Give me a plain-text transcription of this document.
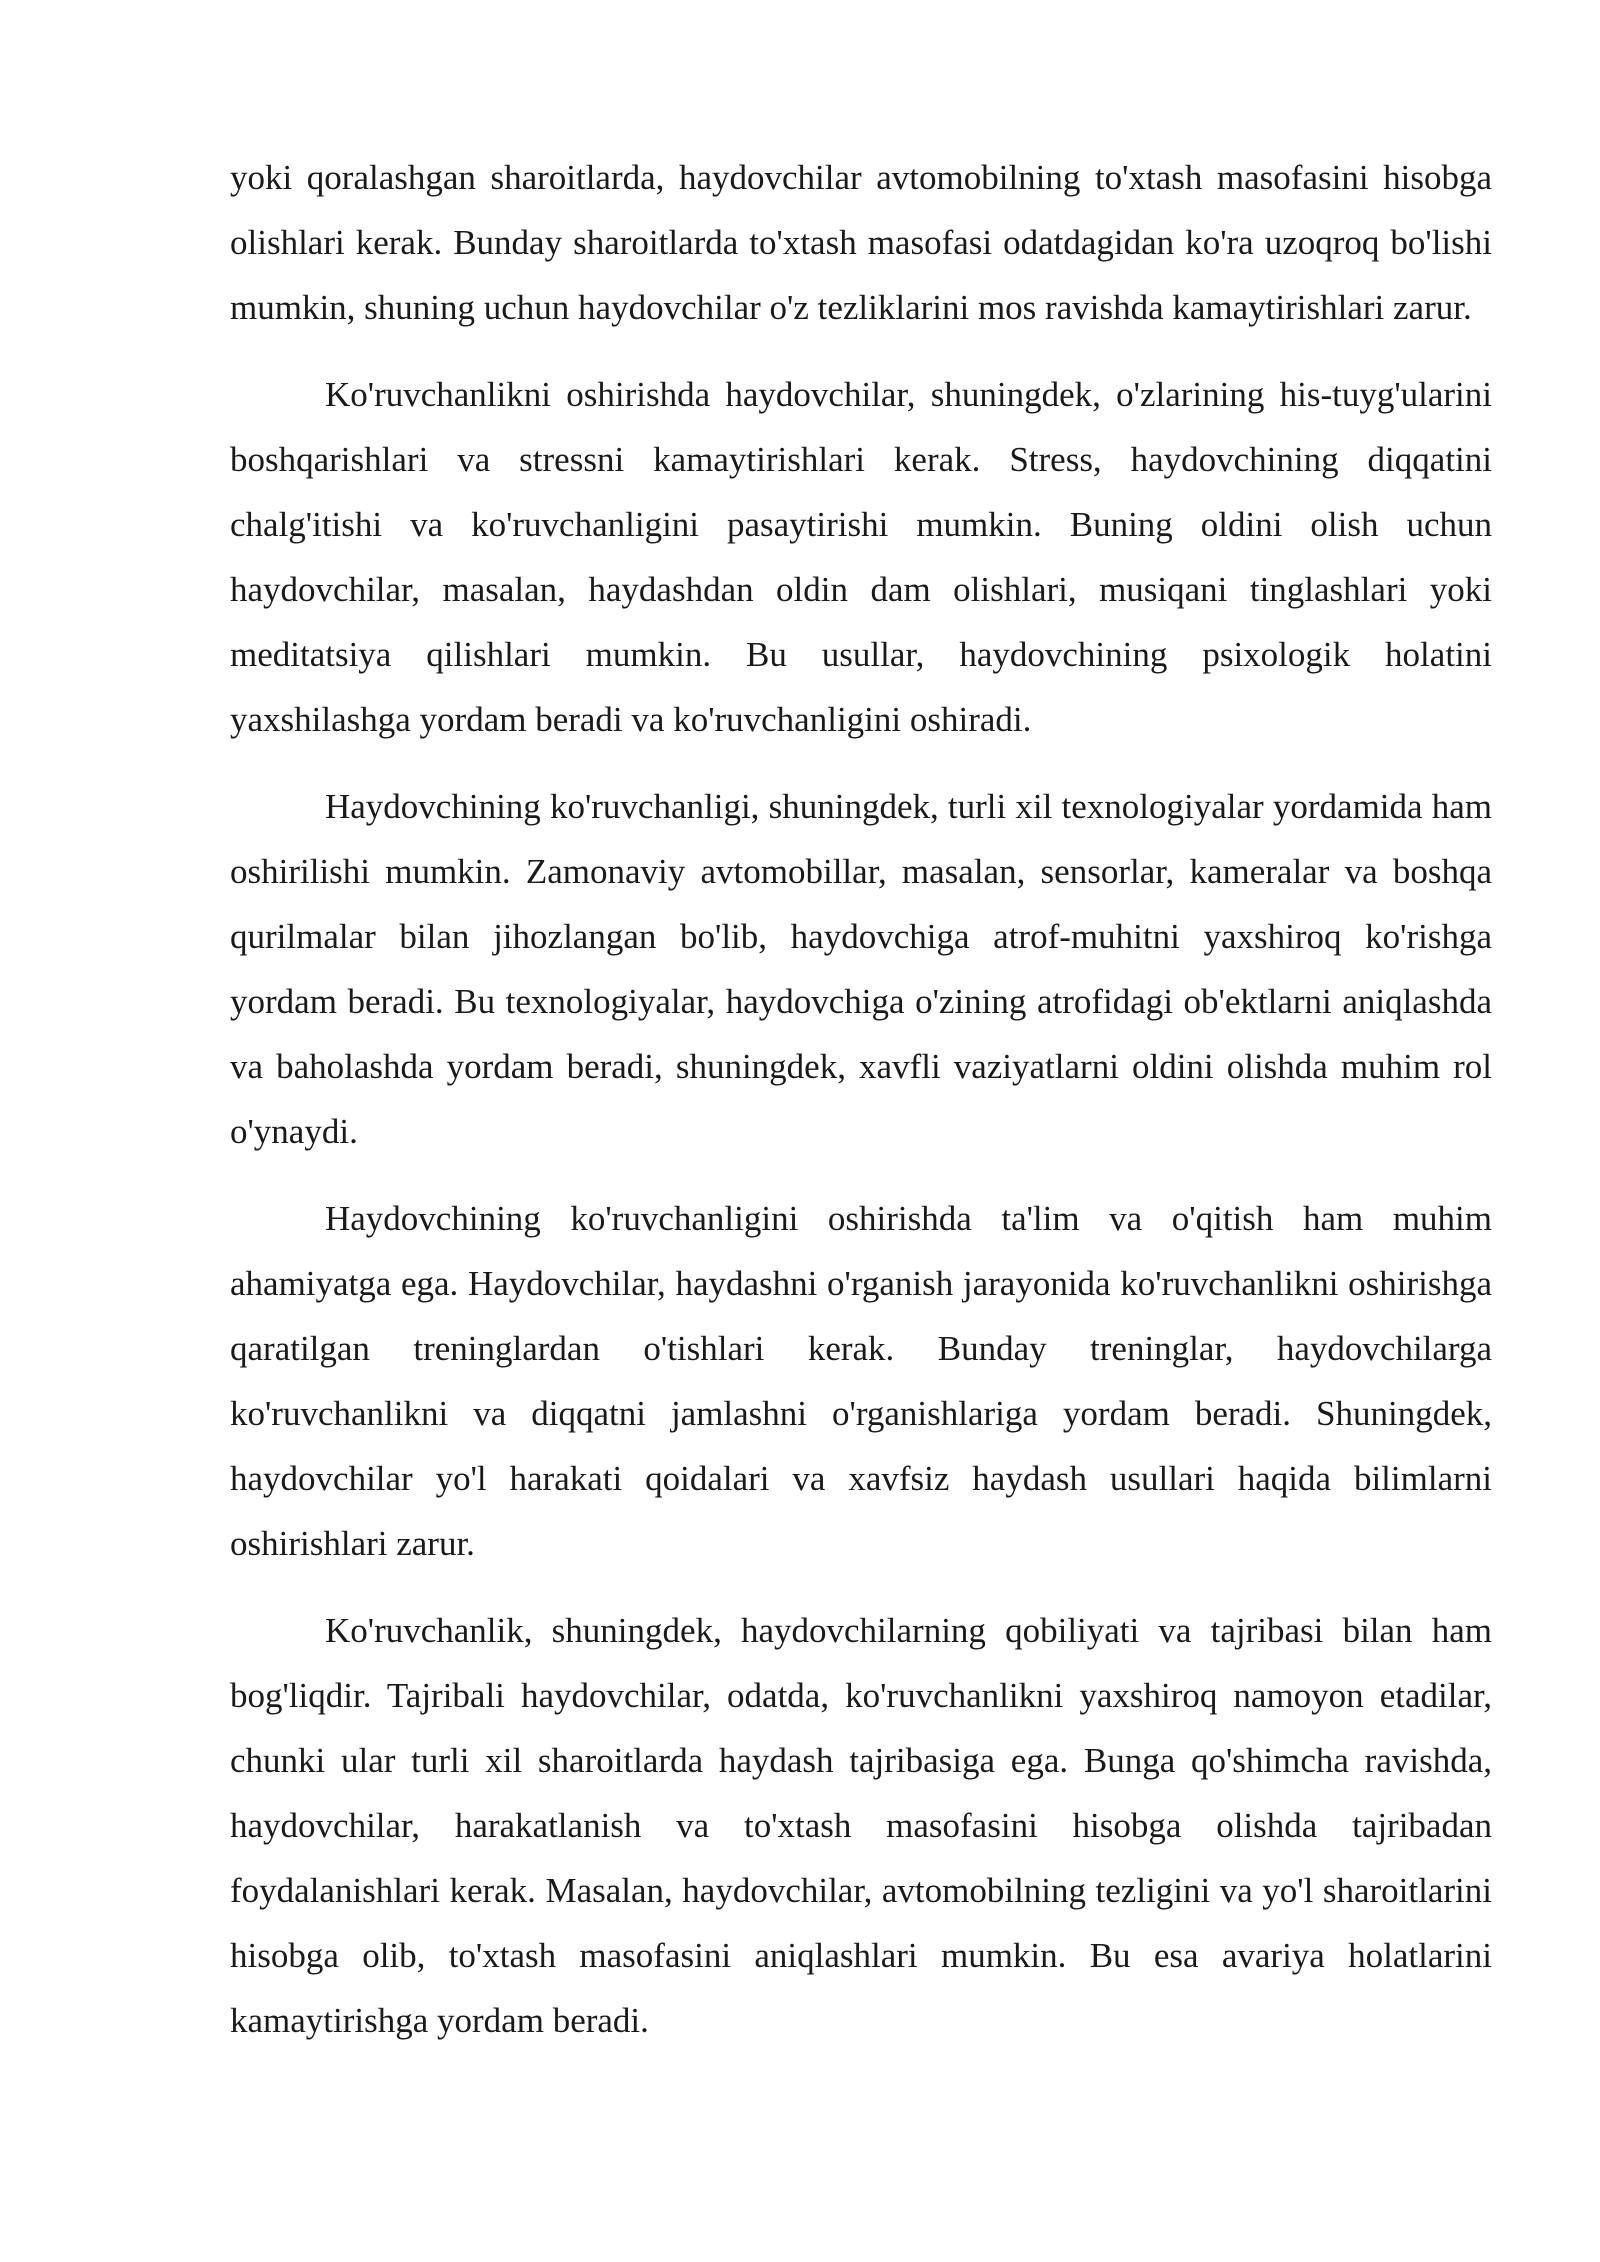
yoki qoralashgan sharoitlarda, haydovchilar avtomobilning to'xtash masofasini hisobga olishlari kerak. Bunday sharoitlarda to'xtash masofasi odatdagidan ko'ra uzoqroq bo'lishi mumkin, shuning uchun haydovchilar o'z tezliklarini mos ravishda kamaytirishlari zarur.

Ko'ruvchanlikni oshirishda haydovchilar, shuningdek, o'zlarining his-tuyg'ularini boshqarishlari va stressni kamaytirishlari kerak. Stress, haydovchining diqqatini chalg'itishi va ko'ruvchanligini pasaytirishi mumkin. Buning oldini olish uchun haydovchilar, masalan, haydashdan oldin dam olishlari, musiqani tinglashlari yoki meditatsiya qilishlari mumkin. Bu usullar, haydovchining psixologik holatini yaxshilashga yordam beradi va ko'ruvchanligini oshiradi.

Haydovchining ko'ruvchanligi, shuningdek, turli xil texnologiyalar yordamida ham oshirilishi mumkin. Zamonaviy avtomobillar, masalan, sensorlar, kameralar va boshqa qurilmalar bilan jihozlangan bo'lib, haydovchiga atrof-muhitni yaxshiroq ko'rishga yordam beradi. Bu texnologiyalar, haydovchiga o'zining atrofidagi ob'ektlarni aniqlashda va baholashda yordam beradi, shuningdek, xavfli vaziyatlarni oldini olishda muhim rol o'ynaydi.

Haydovchining ko'ruvchanligini oshirishda ta'lim va o'qitish ham muhim ahamiyatga ega. Haydovchilar, haydashni o'rganish jarayonida ko'ruvchanlikni oshirishga qaratilgan treninglardan o'tishlari kerak. Bunday treninglar, haydovchilarga ko'ruvchanlikni va diqqatni jamlashni o'rganishlariga yordam beradi. Shuningdek, haydovchilar yo'l harakati qoidalari va xavfsiz haydash usullari haqida bilimlarni oshirishlari zarur.

Ko'ruvchanlik, shuningdek, haydovchilarning qobiliyati va tajribasi bilan ham bog'liqdir. Tajribali haydovchilar, odatda, ko'ruvchanlikni yaxshiroq namoyon etadilar, chunki ular turli xil sharoitlarda haydash tajribasiga ega. Bunga qo'shimcha ravishda, haydovchilar, harakatlanish va to'xtash masofasini hisobga olishda tajribadan foydalanishlari kerak. Masalan, haydovchilar, avtomobilning tezligini va yo'l sharoitlarini hisobga olib, to'xtash masofasini aniqlashlari mumkin. Bu esa avariya holatlarini kamaytirishga yordam beradi.
